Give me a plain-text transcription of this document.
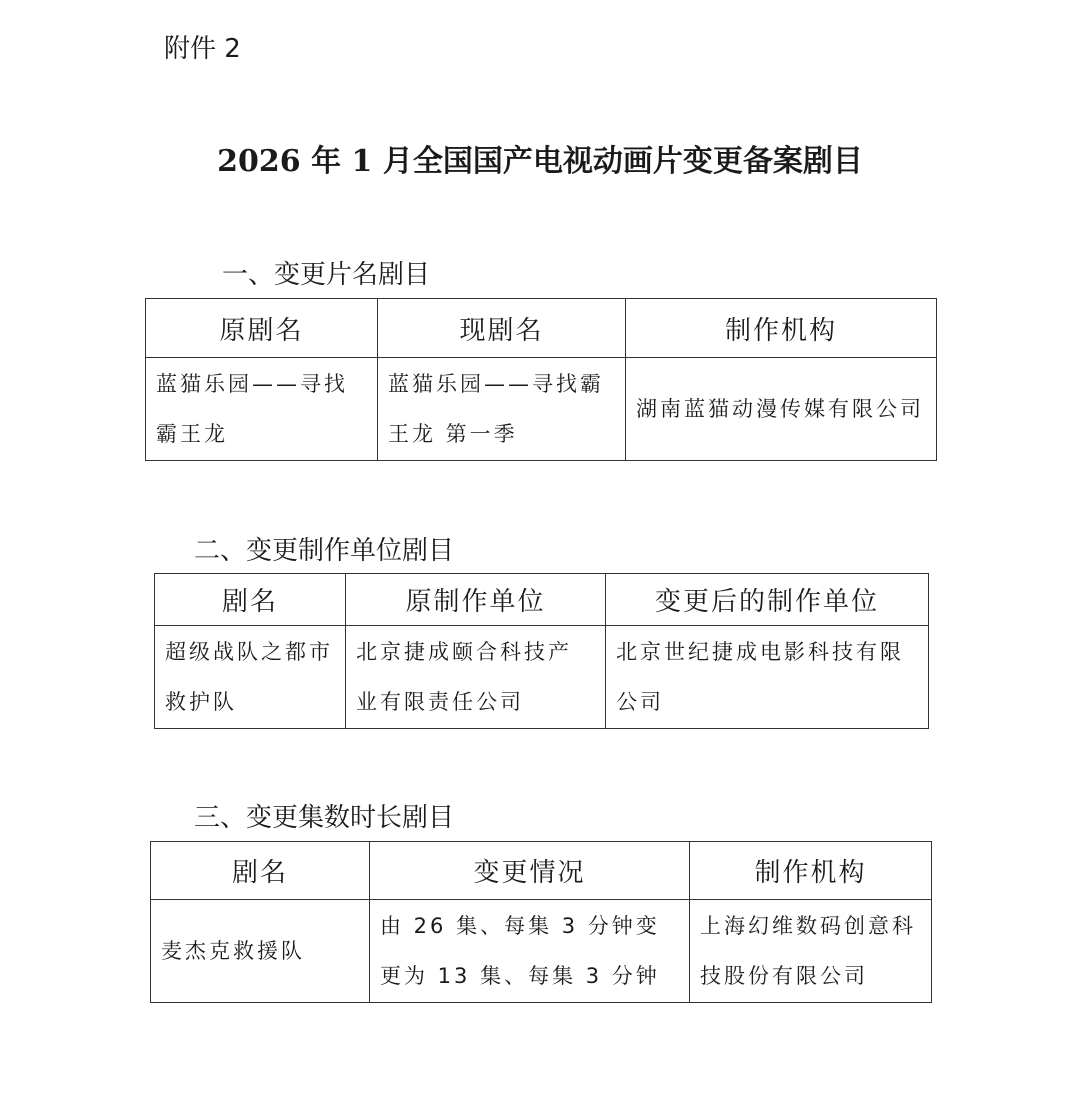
附件 2
2026 年 1 月全国国产电视动画片变更备案剧目
一、变更片名剧目
原剧名	现剧名	制作机构

蓝猫乐园——寻找霸王龙	蓝猫乐园——寻找霸王龙 第一季	湖南蓝猫动漫传媒有限公司
二、变更制作单位剧目
剧名	原制作单位	变更后的制作单位

超级战队之都市救护队	北京捷成颐合科技产业有限责任公司	北京世纪捷成电影科技有限公司
三、变更集数时长剧目
剧名	变更情况	制作机构

麦杰克救援队	由 26 集、每集 3 分钟变更为 13 集、每集 3 分钟	上海幻维数码创意科技股份有限公司
